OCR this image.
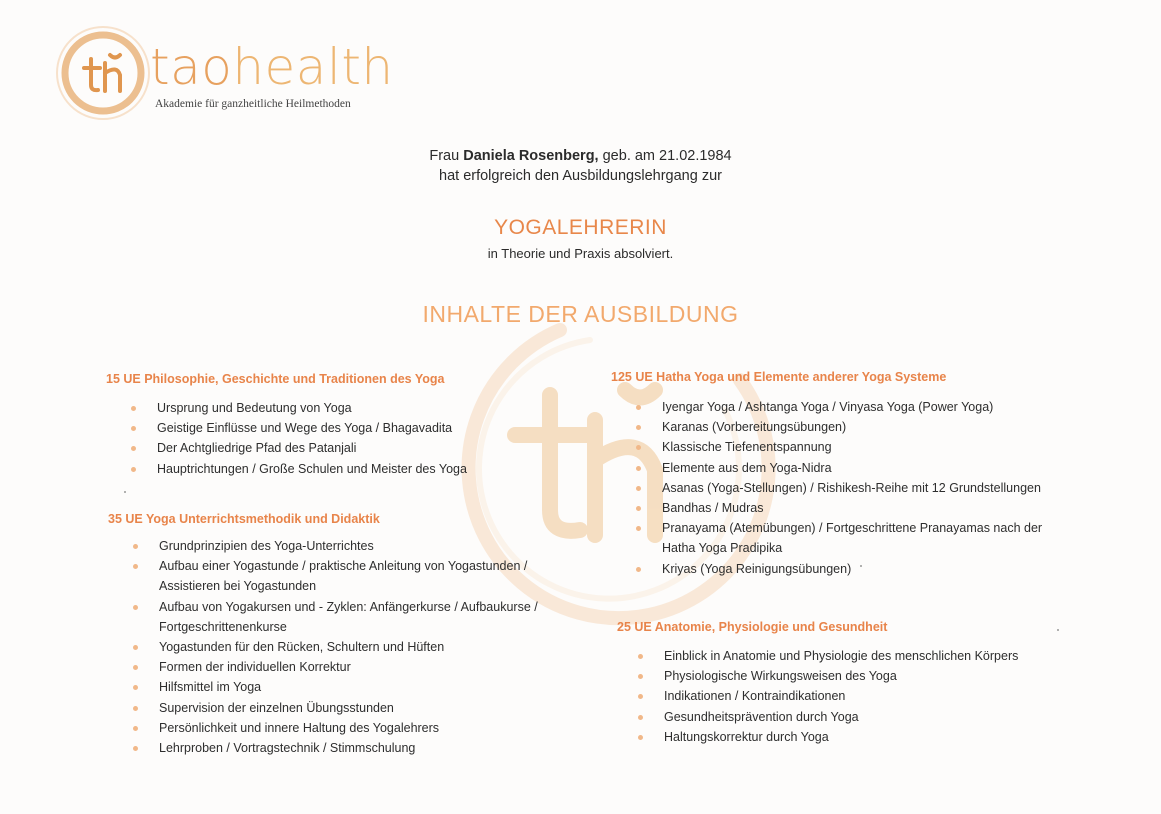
taohealth
Akademie für ganzheitliche Heilmethoden
Frau Daniela Rosenberg, geb. am 21.02.1984
hat erfolgreich den Ausbildungslehrgang zur
YOGALEHRERIN
in Theorie und Praxis absolviert.
INHALTE DER AUSBILDUNG
15 UE Philosophie, Geschichte und Traditionen des Yoga
Ursprung und Bedeutung von Yoga
Geistige Einflüsse und Wege des Yoga / Bhagavadita
Der Achtgliedrige Pfad des Patanjali
Hauptrichtungen / Große Schulen und Meister des Yoga
35 UE Yoga Unterrichtsmethodik und Didaktik
Grundprinzipien des Yoga-Unterrichtes
Aufbau einer Yogastunde / praktische Anleitung von Yogastunden /
Assistieren bei Yogastunden
Aufbau von Yogakursen und - Zyklen: Anfängerkurse / Aufbaukurse /
Fortgeschrittenenkurse
Yogastunden für den Rücken, Schultern und Hüften
Formen der individuellen Korrektur
Hilfsmittel im Yoga
Supervision der einzelnen Übungsstunden
Persönlichkeit und innere Haltung des Yogalehrers
Lehrproben / Vortragstechnik / Stimmschulung
125 UE Hatha Yoga und Elemente anderer Yoga Systeme
Iyengar Yoga / Ashtanga Yoga / Vinyasa Yoga (Power Yoga)
Karanas (Vorbereitungsübungen)
Klassische Tiefenentspannung
Elemente aus dem Yoga-Nidra
Asanas (Yoga-Stellungen) / Rishikesh-Reihe mit 12 Grundstellungen
Bandhas / Mudras
Pranayama (Atemübungen) / Fortgeschrittene Pranayamas nach der
Hatha Yoga Pradipika
Kriyas (Yoga Reinigungsübungen)
25 UE Anatomie, Physiologie und Gesundheit
Einblick in Anatomie und Physiologie des menschlichen Körpers
Physiologische Wirkungsweisen des Yoga
Indikationen / Kontraindikationen
Gesundheitsprävention durch Yoga
Haltungskorrektur durch Yoga
